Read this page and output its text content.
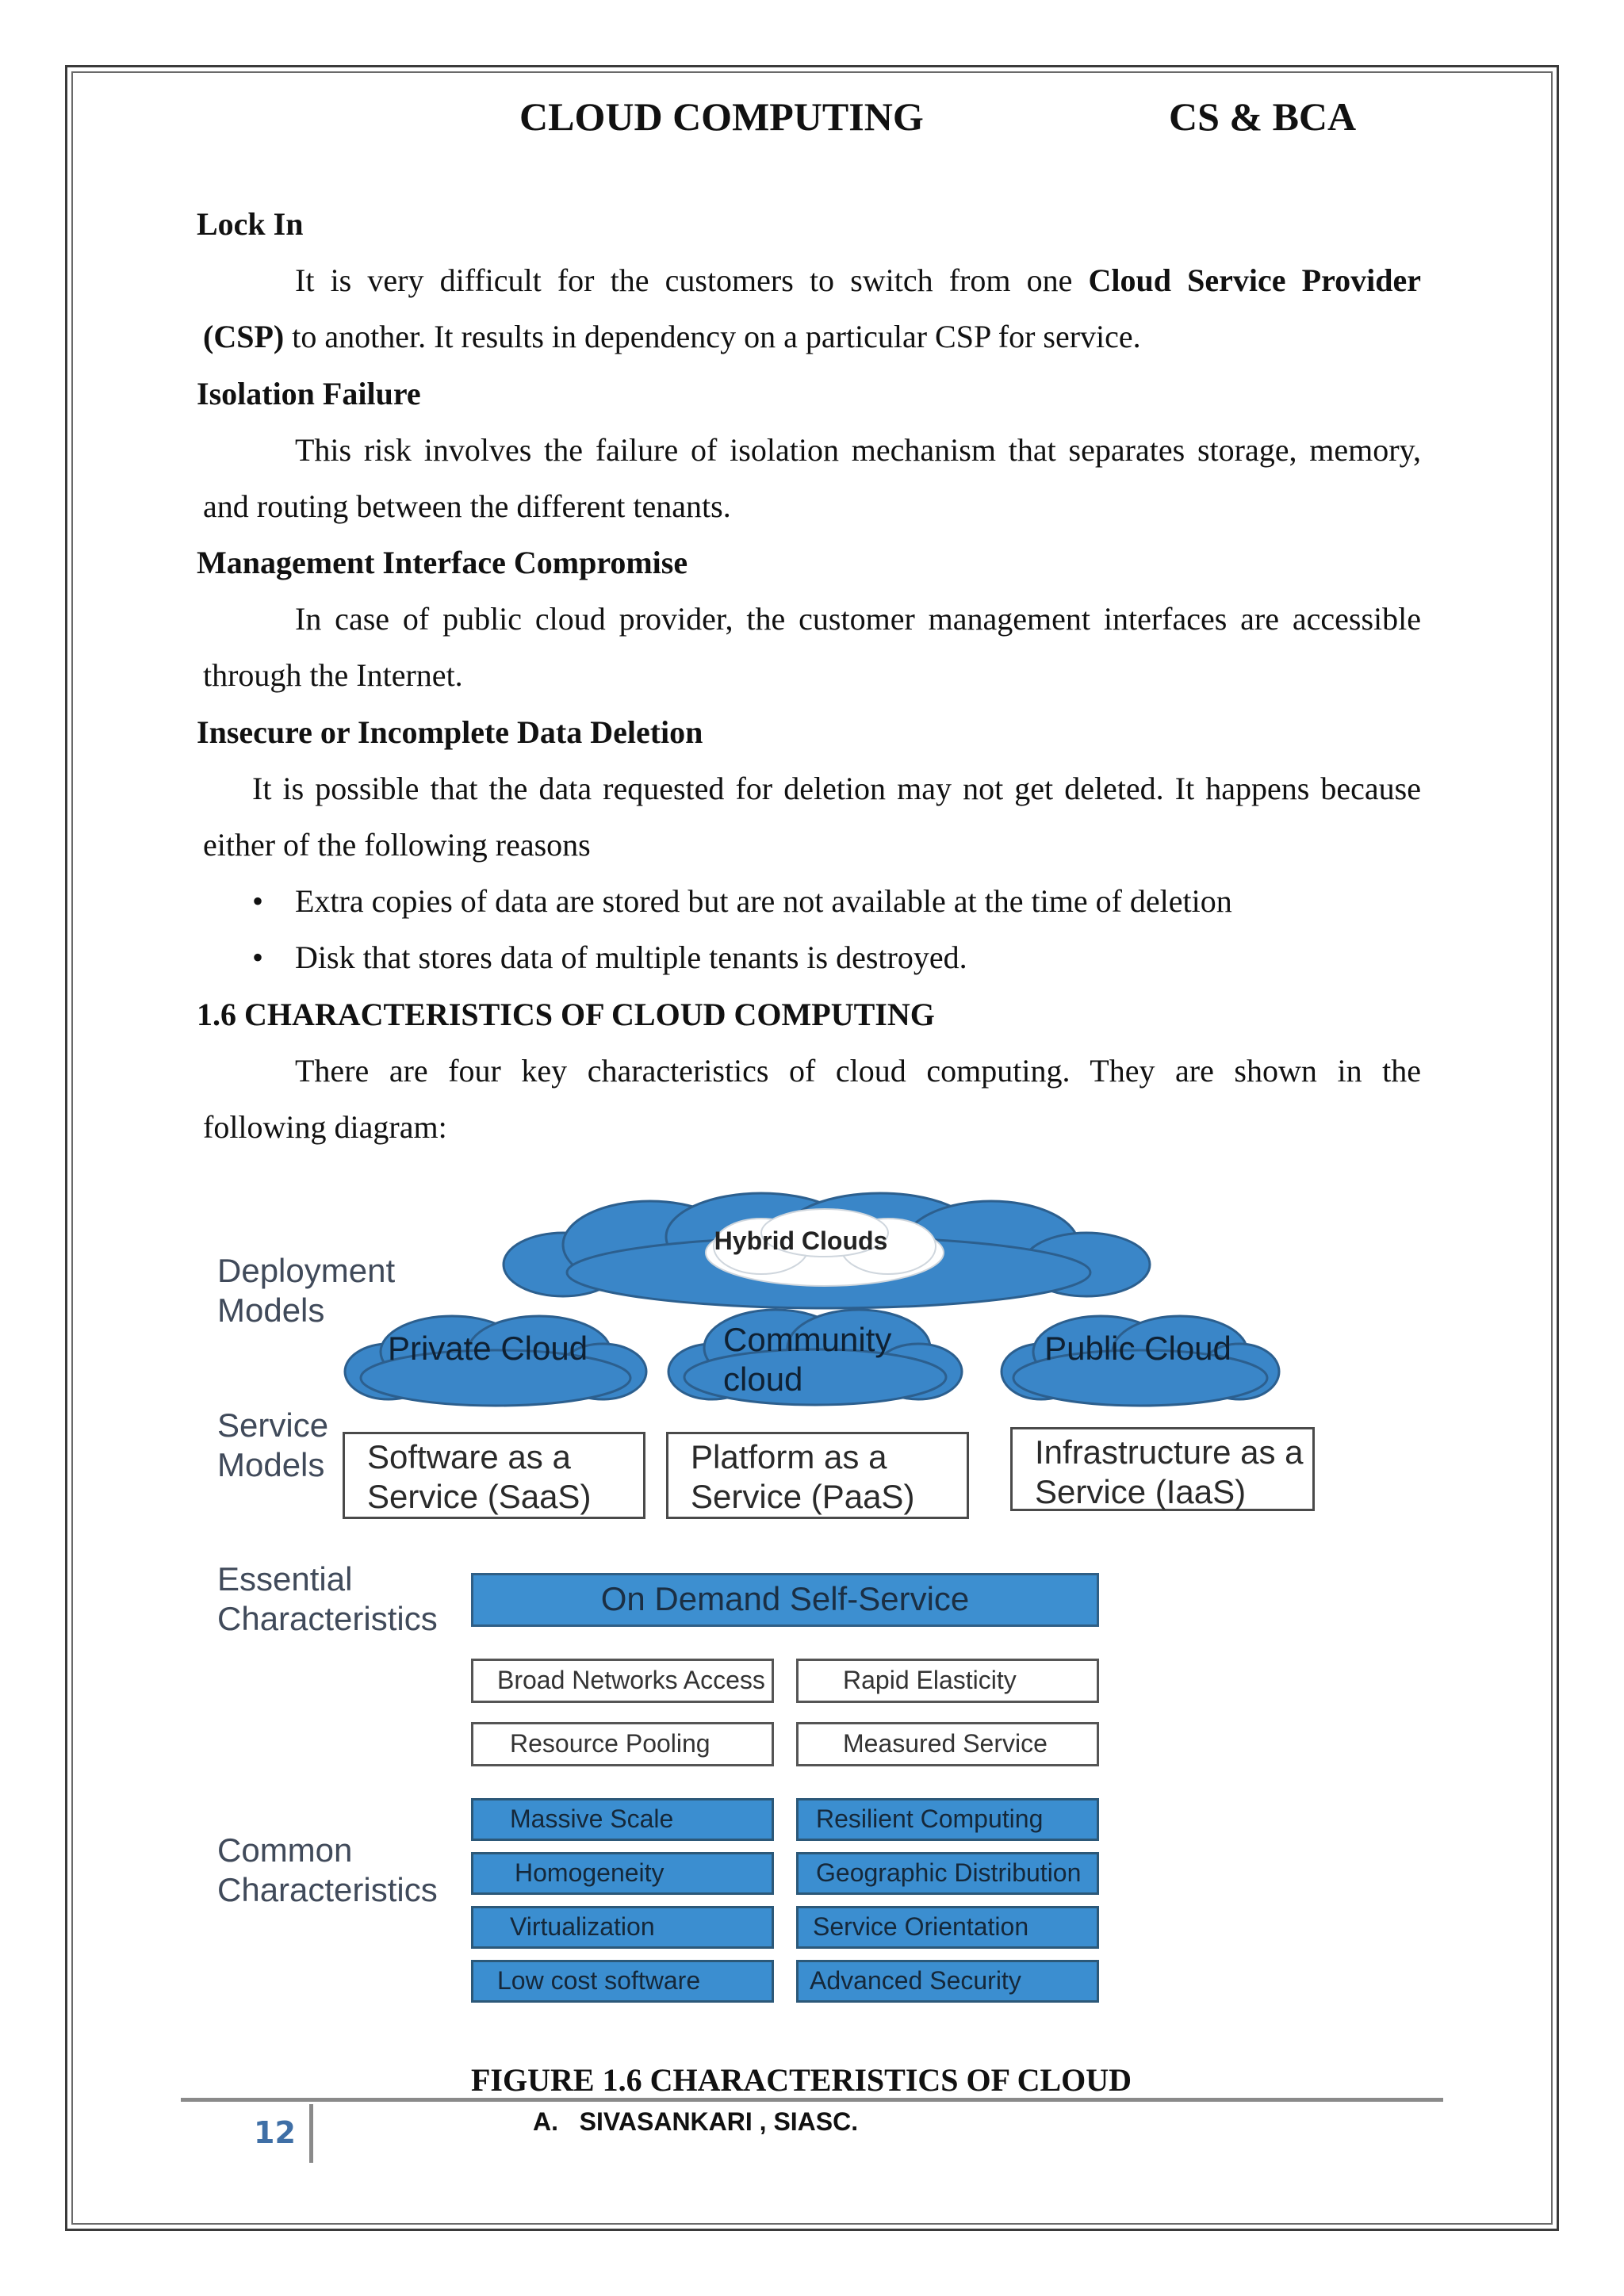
CLOUD COMPUTING	CS & BCA
Lock In
It is very difficult for the customers to switch from one Cloud Service Provider
(CSP) to another. It results in dependency on a particular CSP for service.
Isolation Failure
This risk involves the failure of isolation mechanism that separates storage, memory,
and routing between the different tenants.
Management Interface Compromise
In case of public cloud provider, the customer management interfaces are accessible
through the Internet.
Insecure or Incomplete Data Deletion
It is possible that the data requested for deletion may not get deleted. It happens because
either of the following reasons
• Extra copies of data are stored but are not available at the time of deletion
• Disk that stores data of multiple tenants is destroyed.
1.6 CHARACTERISTICS OF CLOUD COMPUTING
There are four key characteristics of cloud computing. They are shown in the
following diagram:
Deployment
Models
Service
Models
Essential
Characteristics
Common
Characteristics
Hybrid Clouds
Private Cloud	Community
cloud
Public Cloud
Software as a
Service (SaaS)
Platform as a
Service (PaaS)
Infrastructure as a
Service (IaaS)
On Demand Self-Service
Broad Networks Access	Rapid Elasticity
Resource Pooling	Measured Service
Massive Scale	Resilient Computing
Homogeneity	Geographic Distribution
Virtualization	Service Orientation
Low cost software	Advanced Security
FIGURE 1.6 CHARACTERISTICS OF CLOUD
12	A.   SIVASANKARI , SIASC.
